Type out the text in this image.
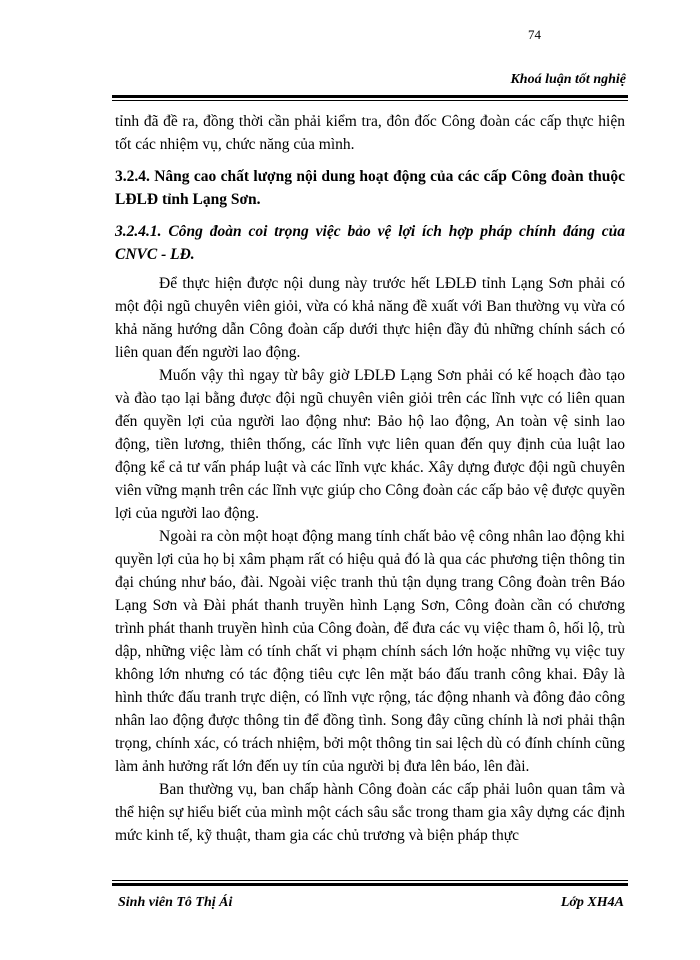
74
Khoá luận tốt nghiệ

tỉnh đã đề ra, đồng thời cần phải kiểm tra, đôn đốc Công đoàn các cấp thực hiện tốt các nhiệm vụ, chức năng của mình.

3.2.4. Nâng cao chất lượng nội dung hoạt động của các cấp Công đoàn thuộc LĐLĐ tỉnh Lạng Sơn.

3.2.4.1. Công đoàn coi trọng việc bảo vệ lợi ích hợp pháp chính đáng của CNVC - LĐ.

Để thực hiện được nội dung này trước hết LĐLĐ tỉnh Lạng Sơn phải có một đội ngũ chuyên viên giỏi, vừa có khả năng đề xuất với Ban thường vụ vừa có khả năng hướng dẫn Công đoàn cấp dưới thực hiện đầy đủ những chính sách có liên quan đến người lao động.

Muốn vậy thì ngay từ bây giờ LĐLĐ Lạng Sơn phải có kế hoạch đào tạo và đào tạo lại bằng được đội ngũ chuyên viên giỏi trên các lĩnh vực có liên quan đến quyền lợi của người lao động như: Bảo hộ lao động, An toàn vệ sinh lao động, tiền lương, thiên thống, các lĩnh vực liên quan đến quy định của luật lao động kể cả tư vấn pháp luật và các lĩnh vực khác. Xây dựng được đội ngũ chuyên viên vững mạnh trên các lĩnh vực giúp cho Công đoàn các cấp bảo vệ được quyền lợi của người lao động.

Ngoài ra còn một hoạt động mang tính chất bảo vệ công nhân lao động khi quyền lợi của họ bị xâm phạm rất có hiệu quả đó là qua các phương tiện thông tin đại chúng như báo, đài. Ngoài việc tranh thủ tận dụng trang Công đoàn trên Báo Lạng Sơn và Đài phát thanh truyền hình Lạng Sơn, Công đoàn cần có chương trình phát thanh truyền hình của Công đoàn, để đưa các vụ việc tham ô, hối lộ, trù dập, những việc làm có tính chất vi phạm chính sách lớn hoặc những vụ việc tuy không lớn nhưng có tác động tiêu cực lên mặt báo đấu tranh công khai. Đây là hình thức đấu tranh trực diện, có lĩnh vực rộng, tác động nhanh và đông đảo công nhân lao động được thông tin để đồng tình. Song đây cũng chính là nơi phải thận trọng, chính xác, có trách nhiệm, bởi một thông tin sai lệch dù có đính chính cũng làm ảnh hưởng rất lớn đến uy tín của người bị đưa lên báo, lên đài.

Ban thường vụ, ban chấp hành Công đoàn các cấp phải luôn quan tâm và thể hiện sự hiểu biết của mình một cách sâu sắc trong tham gia xây dựng các định mức kinh tế, kỹ thuật, tham gia các chủ trương và biện pháp thực

Sinh viên Tô Thị Ái	Lớp XH4A
